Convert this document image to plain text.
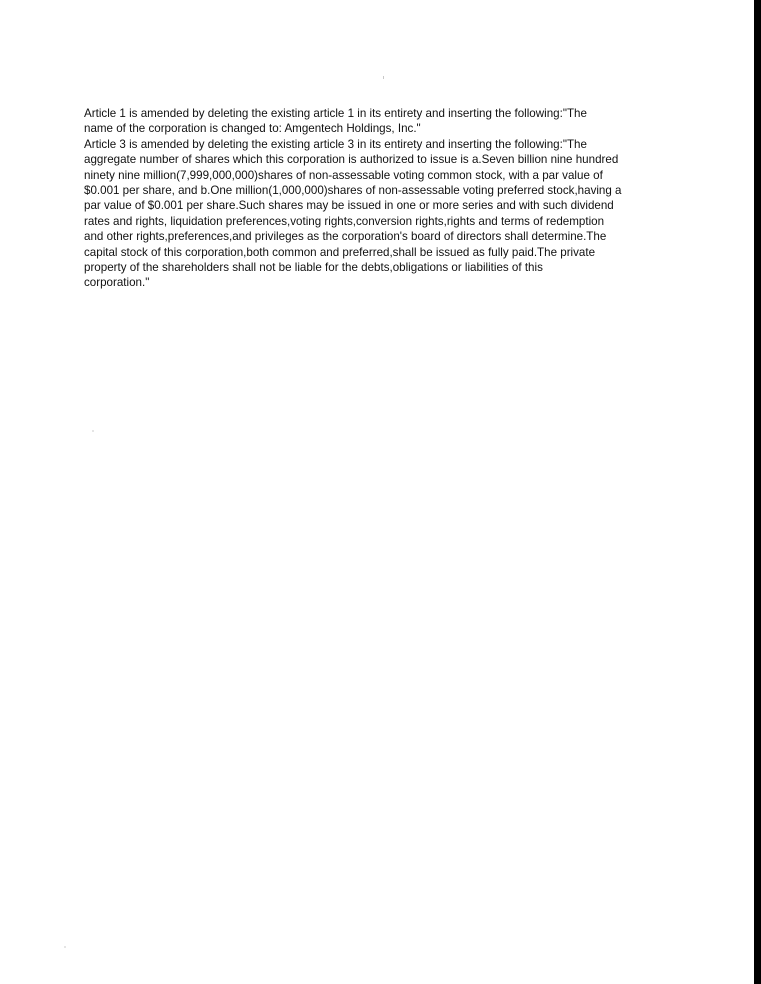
Article 1 is amended by deleting the existing article 1 in its entirety and inserting the following:"The
name of the corporation is changed to: Amgentech Holdings, Inc."
Article 3 is amended by deleting the existing article 3 in its entirety and inserting the following:"The
aggregate number of shares which this corporation is authorized to issue is a.Seven billion nine hundred
ninety nine million(7,999,000,000)shares of non-assessable voting common stock, with a par value of
$0.001 per share, and b.One million(1,000,000)shares of non-assessable voting preferred stock,having a
par value of $0.001 per share.Such shares may be issued in one or more series and with such dividend
rates and rights, liquidation preferences,voting rights,conversion rights,rights and terms of redemption
and other rights,preferences,and privileges as the corporation's board of directors shall determine.The
capital stock of this corporation,both common and preferred,shall be issued as fully paid.The private
property of the shareholders shall not be liable for the debts,obligations or liabilities of this
corporation."
